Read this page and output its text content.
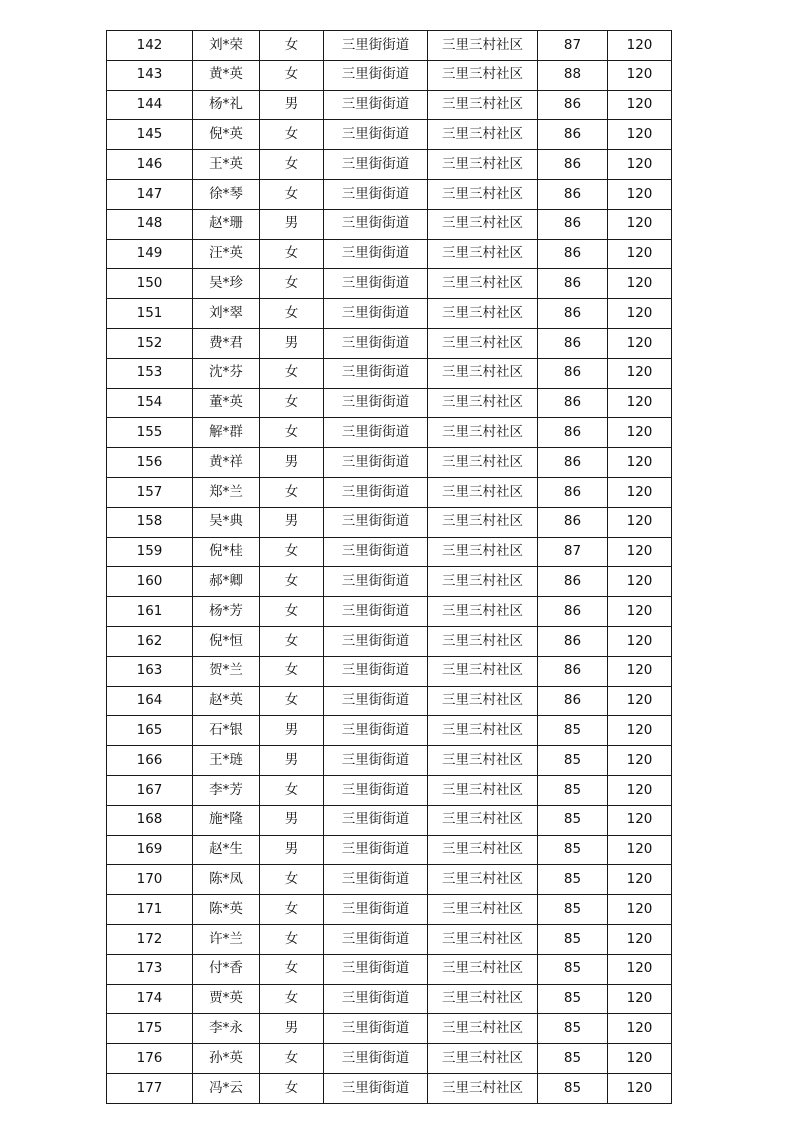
142	刘*荣	女	三里街街道	三里三村社区	87	120
143	黄*英	女	三里街街道	三里三村社区	88	120
144	杨*礼	男	三里街街道	三里三村社区	86	120
145	倪*英	女	三里街街道	三里三村社区	86	120
146	王*英	女	三里街街道	三里三村社区	86	120
147	徐*琴	女	三里街街道	三里三村社区	86	120
148	赵*珊	男	三里街街道	三里三村社区	86	120
149	汪*英	女	三里街街道	三里三村社区	86	120
150	吴*珍	女	三里街街道	三里三村社区	86	120
151	刘*翠	女	三里街街道	三里三村社区	86	120
152	费*君	男	三里街街道	三里三村社区	86	120
153	沈*芬	女	三里街街道	三里三村社区	86	120
154	董*英	女	三里街街道	三里三村社区	86	120
155	解*群	女	三里街街道	三里三村社区	86	120
156	黄*祥	男	三里街街道	三里三村社区	86	120
157	郑*兰	女	三里街街道	三里三村社区	86	120
158	吴*典	男	三里街街道	三里三村社区	86	120
159	倪*桂	女	三里街街道	三里三村社区	87	120
160	郝*卿	女	三里街街道	三里三村社区	86	120
161	杨*芳	女	三里街街道	三里三村社区	86	120
162	倪*恒	女	三里街街道	三里三村社区	86	120
163	贺*兰	女	三里街街道	三里三村社区	86	120
164	赵*英	女	三里街街道	三里三村社区	86	120
165	石*银	男	三里街街道	三里三村社区	85	120
166	王*琏	男	三里街街道	三里三村社区	85	120
167	李*芳	女	三里街街道	三里三村社区	85	120
168	施*隆	男	三里街街道	三里三村社区	85	120
169	赵*生	男	三里街街道	三里三村社区	85	120
170	陈*凤	女	三里街街道	三里三村社区	85	120
171	陈*英	女	三里街街道	三里三村社区	85	120
172	许*兰	女	三里街街道	三里三村社区	85	120
173	付*香	女	三里街街道	三里三村社区	85	120
174	贾*英	女	三里街街道	三里三村社区	85	120
175	李*永	男	三里街街道	三里三村社区	85	120
176	孙*英	女	三里街街道	三里三村社区	85	120
177	冯*云	女	三里街街道	三里三村社区	85	120
